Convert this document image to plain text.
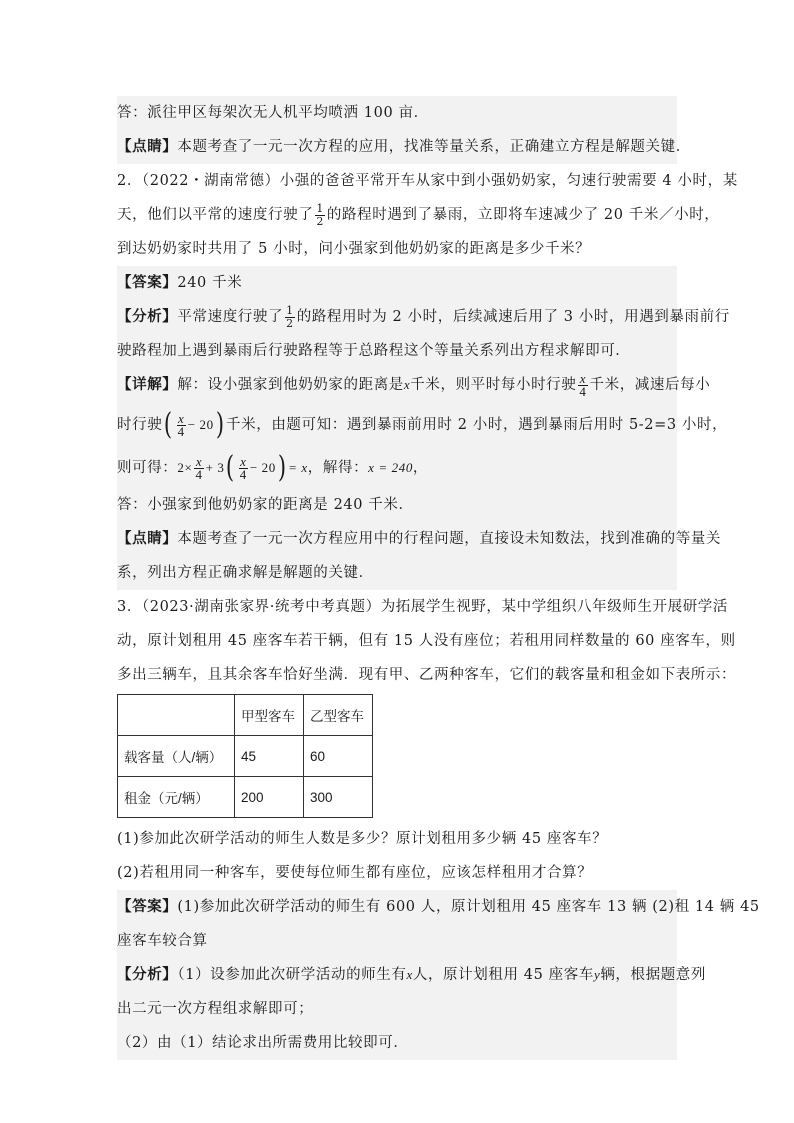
答：派往甲区每架次无人机平均喷洒 100 亩．
【点睛】本题考查了一元一次方程的应用，找准等量关系，正确建立方程是解题关键．
2．（2022・湖南常德）小强的爸爸平常开车从家中到小强奶奶家，匀速行驶需要 4 小时，某
天，他们以平常的速度行驶了 $\frac{1}{2}$ 的路程时遇到了暴雨，立即将车速减少了 20 千米／小时，
到达奶奶家时共用了 5 小时，问小强家到他奶奶家的距离是多少千米？
【答案】240 千米
【分析】平常速度行驶了 $\frac{1}{2}$ 的路程用时为 2 小时，后续减速后用了 3 小时，用遇到暴雨前行
驶路程加上遇到暴雨后行驶路程等于总路程这个等量关系列出方程求解即可．
【详解】解：设小强家到他奶奶家的距离是x千米，则平时每小时行驶 $\frac{x}{4}$ 千米，减速后每小
时行驶( $\frac{x}{4} - 20$) 千米，由题可知：遇到暴雨前用时 2 小时，遇到暴雨后用时 5-2=3 小时，
则可得：$2\times \frac{x}{4} + 3( \frac{x}{4} - 20) = x$，解得：x = 240，
答：小强家到他奶奶家的距离是 240 千米．
【点睛】本题考查了一元一次方程应用中的行程问题，直接设未知数法，找到准确的等量关
系，列出方程正确求解是解题的关键．
3．（2023·湖南张家界·统考中考真题）为拓展学生视野，某中学组织八年级师生开展研学活
动，原计划租用 45 座客车若干辆，但有 15 人没有座位；若租用同样数量的 60 座客车，则
多出三辆车，且其余客车恰好坐满．现有甲、乙两种客车，它们的载客量和租金如下表所示：
	甲型客车	乙型客车
载客量（人/辆）	45	60
租金（元/辆）	200	300
(1)参加此次研学活动的师生人数是多少？原计划租用多少辆 45 座客车？
(2)若租用同一种客车，要使每位师生都有座位，应该怎样租用才合算？
【答案】(1)参加此次研学活动的师生有 600 人，原计划租用 45 座客车 13 辆 (2)租 14 辆 45
座客车较合算
【分析】（1）设参加此次研学活动的师生有x人，原计划租用 45 座客车y辆，根据题意列
出二元一次方程组求解即可；
（2）由（1）结论求出所需费用比较即可．
